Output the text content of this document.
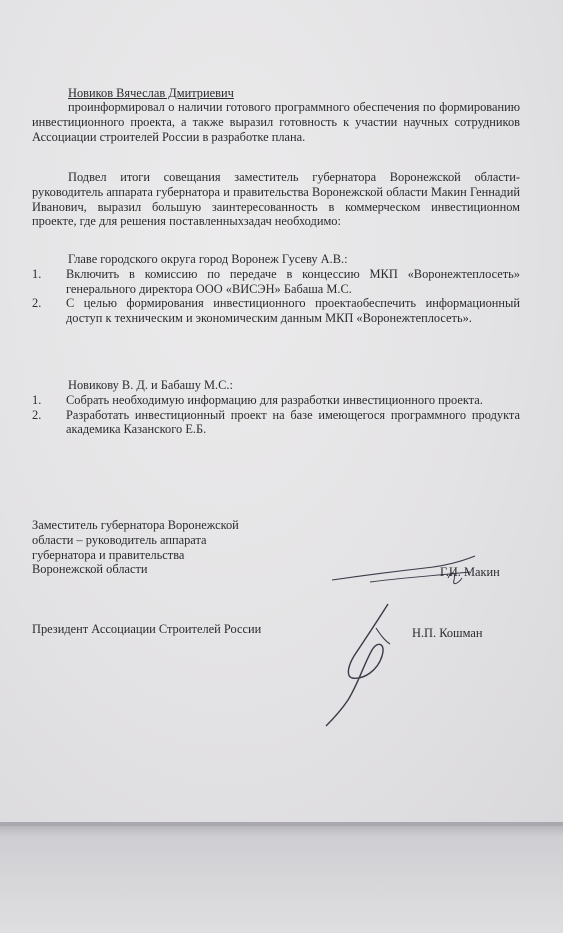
Новиков Вячеслав Дмитриевич

проинформировал о наличии готового программного обеспечения по формированию инвестиционного проекта, а также выразил готовность к участии научных сотрудников Ассоциации строителей России в разработке плана.

Подвел итоги совещания заместитель губернатора Воронежской области- руководитель аппарата губернатора и правительства Воронежской области Макин Геннадий Иванович, выразил большую заинтересованность в коммерческом инвестиционном проекте, где для решения поставленныхзадач необходимо:

Главе городского округа город Воронеж Гусеву А.В.:

1. Включить в комиссию по передаче в концессию МКП «Воронежтеплосеть» генерального директора ООО «ВИСЭН» Бабаша М.С.
2. С целью формирования инвестиционного проектаобеспечить информационный доступ к техническим и экономическим данным МКП «Воронежтеплосеть».

Новикову В. Д. и Бабашу М.С.:

1. Собрать необходимую информацию для разработки инвестиционного проекта.
2. Разработать инвестиционный проект на базе имеющегося программного продукта академика Казанского Е.Б.
Заместитель губернатора Воронежской
области – руководитель аппарата
губернатора и правительства
Воронежской области	Г.И. Макин
Президент Ассоциации Строителей России	Н.П. Кошман
